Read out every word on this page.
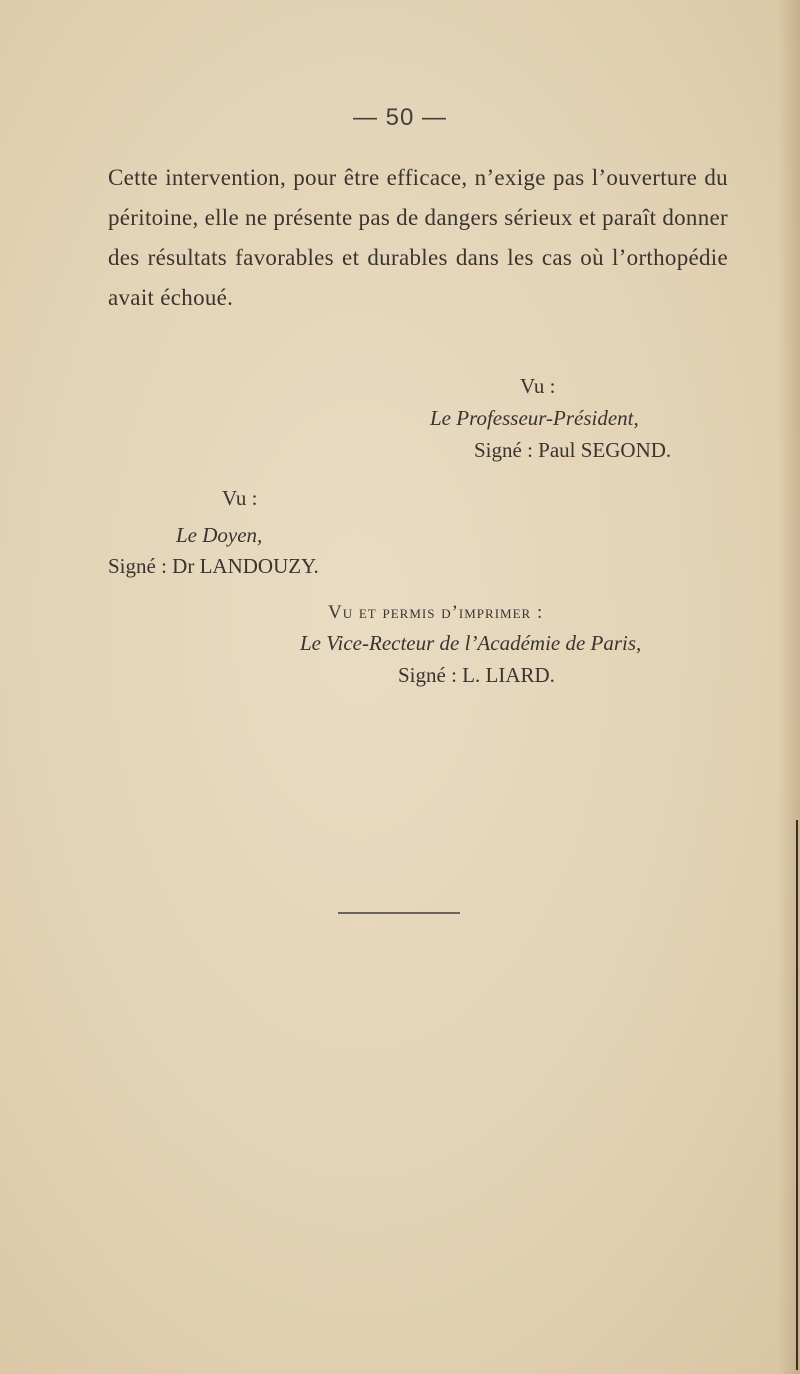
— 50 —
Cette intervention, pour être efficace, n’exige pas l’ouverture du péritoine, elle ne présente pas de dangers sérieux et paraît donner des résultats favorables et durables dans les cas où l’orthopédie avait échoué.
Vu :
Le Professeur-Président,
Signé : Paul SEGOND.
Vu :
Le Doyen,
Signé : Dr LANDOUZY.
Vu et permis d’imprimer :
Le Vice-Recteur de l’Académie de Paris,
Signé : L. LIARD.
